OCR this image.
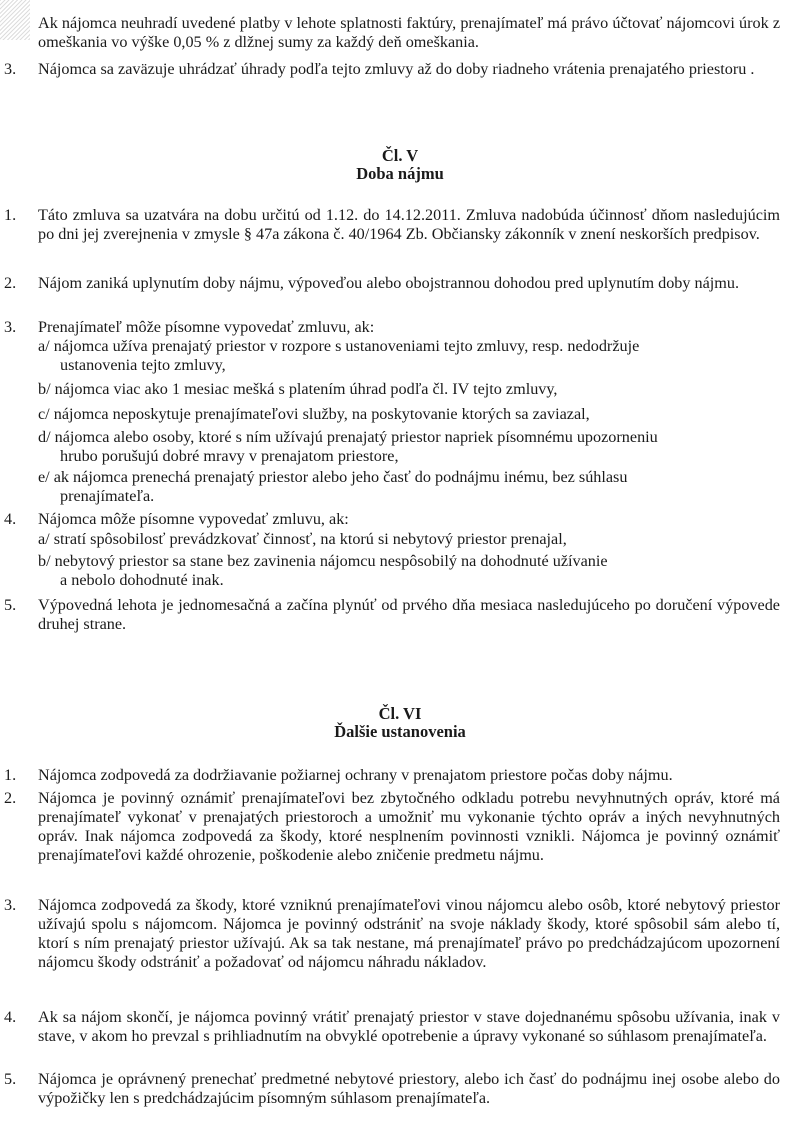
Ak nájomca neuhradí uvedené platby v lehote splatnosti faktúry, prenajímateľ má právo účtovať nájomcovi úrok z omeškania vo výške 0,05 % z dlžnej sumy za každý deň omeškania.
3.	Nájomca sa zaväzuje uhrádzať úhrady podľa tejto zmluvy až do doby riadneho vrátenia prenajatého priestoru .
Čl. V
Doba nájmu
1.	Táto zmluva sa uzatvára na dobu určitú od 1.12. do 14.12.2011. Zmluva nadobúda účinnosť dňom nasledujúcim po dni jej zverejnenia v zmysle § 47a zákona č. 40/1964 Zb. Občiansky zákonník v znení neskorších predpisov.
2.	Nájom zaniká uplynutím doby nájmu, výpoveďou alebo obojstrannou dohodou pred uplynutím doby nájmu.
3.	Prenajímateľ môže písomne vypovedať zmluvu, ak:
a/ nájomca užíva prenajatý priestor v rozpore s ustanoveniami tejto zmluvy, resp. nedodržuje
ustanovenia tejto zmluvy,
b/ nájomca viac ako 1 mesiac mešká s platením úhrad podľa čl. IV tejto zmluvy,
c/ nájomca neposkytuje prenajímateľovi služby, na poskytovanie ktorých sa zaviazal,
d/ nájomca alebo osoby, ktoré s ním užívajú prenajatý priestor napriek písomnému upozorneniu
hrubo porušujú dobré mravy v prenajatom priestore,
e/ ak nájomca prenechá prenajatý priestor alebo jeho časť do podnájmu inému, bez súhlasu
prenajímateľa.
4.	Nájomca môže písomne vypovedať zmluvu, ak:
a/ stratí spôsobilosť prevádzkovať činnosť, na ktorú si nebytový priestor prenajal,
b/ nebytový priestor sa stane bez zavinenia nájomcu nespôsobilý na dohodnuté užívanie
a nebolo dohodnuté inak.
5.	Výpovedná lehota je jednomesačná a začína plynúť od prvého dňa mesiaca nasledujúceho po doručení výpovede druhej strane.
Čl. VI
Ďalšie ustanovenia
1.	Nájomca zodpovedá za dodržiavanie požiarnej ochrany v prenajatom priestore počas doby nájmu.
2.	Nájomca je povinný oznámiť prenajímateľovi bez zbytočného odkladu potrebu nevyhnutných opráv, ktoré má prenajímateľ vykonať v prenajatých priestoroch a umožniť mu vykonanie týchto opráv a iných nevyhnutných opráv. Inak nájomca zodpovedá za škody, ktoré nesplnením povinnosti vznikli. Nájomca je povinný oznámiť prenajímateľovi každé ohrozenie, poškodenie alebo zničenie predmetu nájmu.
3.	Nájomca zodpovedá za škody, ktoré vzniknú prenajímateľovi vinou nájomcu alebo osôb, ktoré nebytový priestor užívajú spolu s nájomcom. Nájomca je povinný odstrániť na svoje náklady škody, ktoré spôsobil sám alebo tí, ktorí s ním prenajatý priestor užívajú. Ak sa tak nestane, má prenajímateľ právo po predchádzajúcom upozornení nájomcu škody odstrániť a požadovať od nájomcu náhradu nákladov.
4.	Ak sa nájom skončí, je nájomca povinný vrátiť prenajatý priestor v stave dojednanému spôsobu užívania, inak v stave, v akom ho prevzal s prihliadnutím na obvyklé opotrebenie a úpravy vykonané so súhlasom prenajímateľa.
5.	Nájomca je oprávnený prenechať predmetné nebytové priestory, alebo ich časť do podnájmu inej osobe alebo do výpožičky len s predchádzajúcim písomným súhlasom prenajímateľa.
